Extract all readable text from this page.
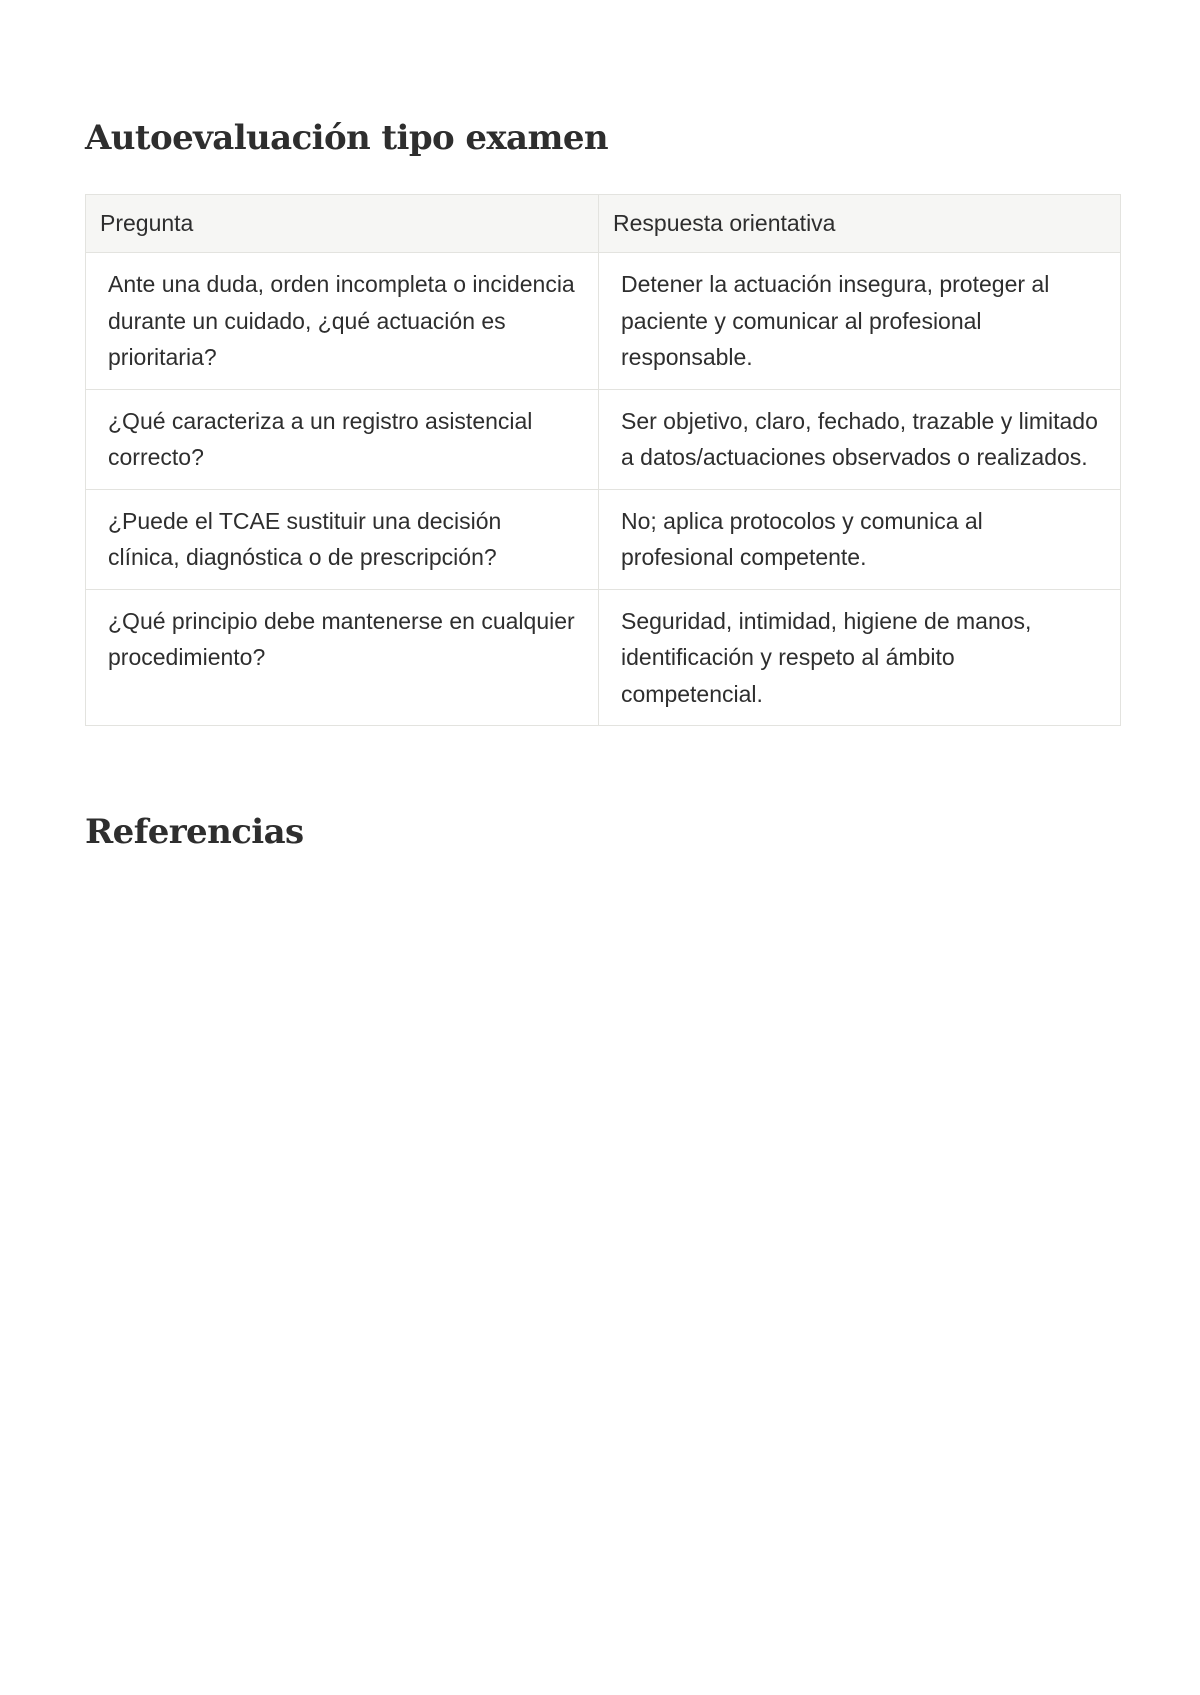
Autoevaluación tipo examen
Pregunta	Respuesta orientativa
Ante una duda, orden incompleta o incidencia durante un cuidado, ¿qué actuación es prioritaria?	Detener la actuación insegura, proteger al paciente y comunicar al profesional responsable.
¿Qué caracteriza a un registro asistencial correcto?	Ser objetivo, claro, fechado, trazable y limitado a datos/actuaciones observados o realizados.
¿Puede el TCAE sustituir una decisión clínica, diagnóstica o de prescripción?	No; aplica protocolos y comunica al profesional competente.
¿Qué principio debe mantenerse en cualquier procedimiento?	Seguridad, intimidad, higiene de manos, identificación y respeto al ámbito competencial.
Referencias
